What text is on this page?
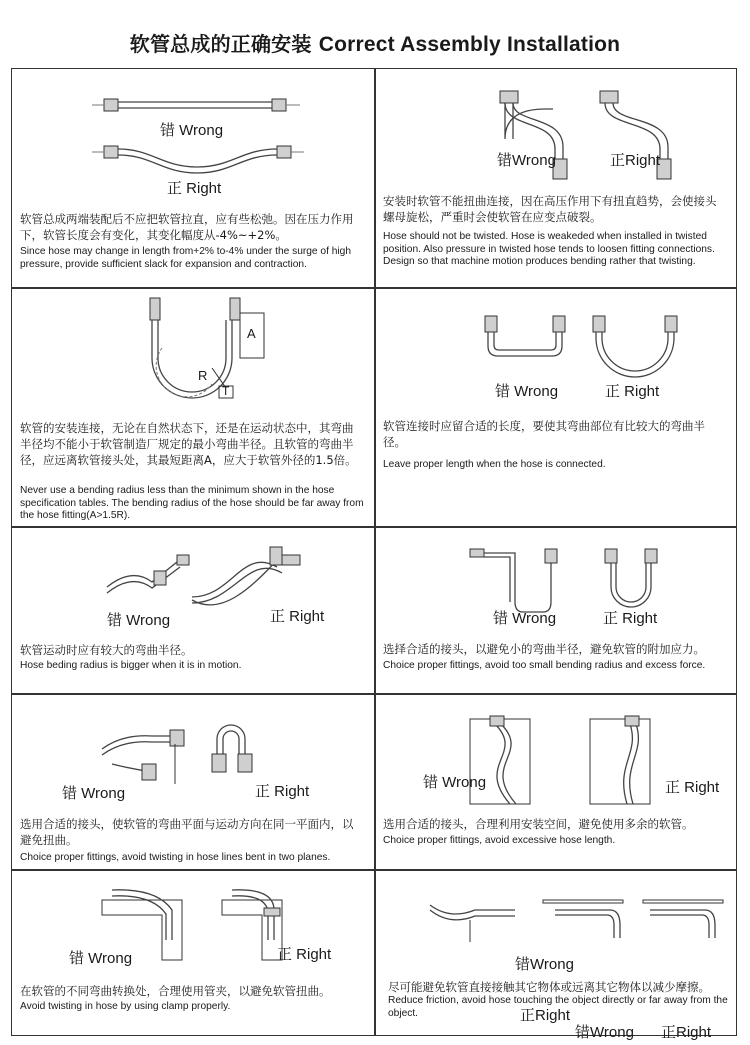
软管总成的正确安装 Correct Assembly Installation
错 Wrong
正 Right
软管总成两端装配后不应把软管拉直，应有些松弛。因在压力作用下，软管长度会有变化，其变化幅度从-4%~+2%。
Since hose may change in length from+2% to-4% under the surge of high pressure, provide sufficient slack for expansion and contraction.
错Wrong	正Right
安装时软管不能扭曲连接，因在高压作用下有扭直趋势，会使接头螺母旋松，严重时会使软管在应变点破裂。
Hose should not be twisted. Hose is weakeded when installed in twisted position. Also pressure in twisted hose tends to loosen fitting connections. Design so that machine motion produces bending rather that twisting.
A
R
T
软管的安装连接，无论在自然状态下，还是在运动状态中，其弯曲半径均不能小于软管制造厂规定的最小弯曲半径。且软管的弯曲半径，应远离软管接头处，其最短距离A，应大于软管外径的1.5倍。
Never use a bending radius less than the minimum shown in the hose specification tables. The bending radius of the hose should be far away from the hose fitting(A>1.5R).
错 Wrong	正 Right
软管连接时应留合适的长度，要使其弯曲部位有比较大的弯曲半径。
Leave proper length when the hose is connected.
错 Wrong	正 Right
软管运动时应有较大的弯曲半径。
Hose beding radius is bigger when it is in motion.
错 Wrong	正 Right
选择合适的接头，以避免小的弯曲半径，避免软管的附加应力。
Choice proper fittings, avoid too small bending radius and excess force.
错 Wrong	正 Right
选用合适的接头，使软管的弯曲平面与运动方向在同一平面内，以避免扭曲。
Choice proper fittings, avoid twisting in hose lines bent in two planes.
错 Wrong	正 Right
选用合适的接头，合理利用安装空间，避免使用多余的软管。
Choice proper fittings, avoid excessive hose length.
错 Wrong	正 Right
在软管的不同弯曲转换处，合理使用管夹，以避免软管扭曲。
Avoid twisting in hose by using clamp properly.
错Wrong
正Right
错Wrong 正Right
尽可能避免软管直接接触其它物体或远离其它物体以减少摩擦。
Reduce friction, avoid hose touching the object directly or far away from the object.
